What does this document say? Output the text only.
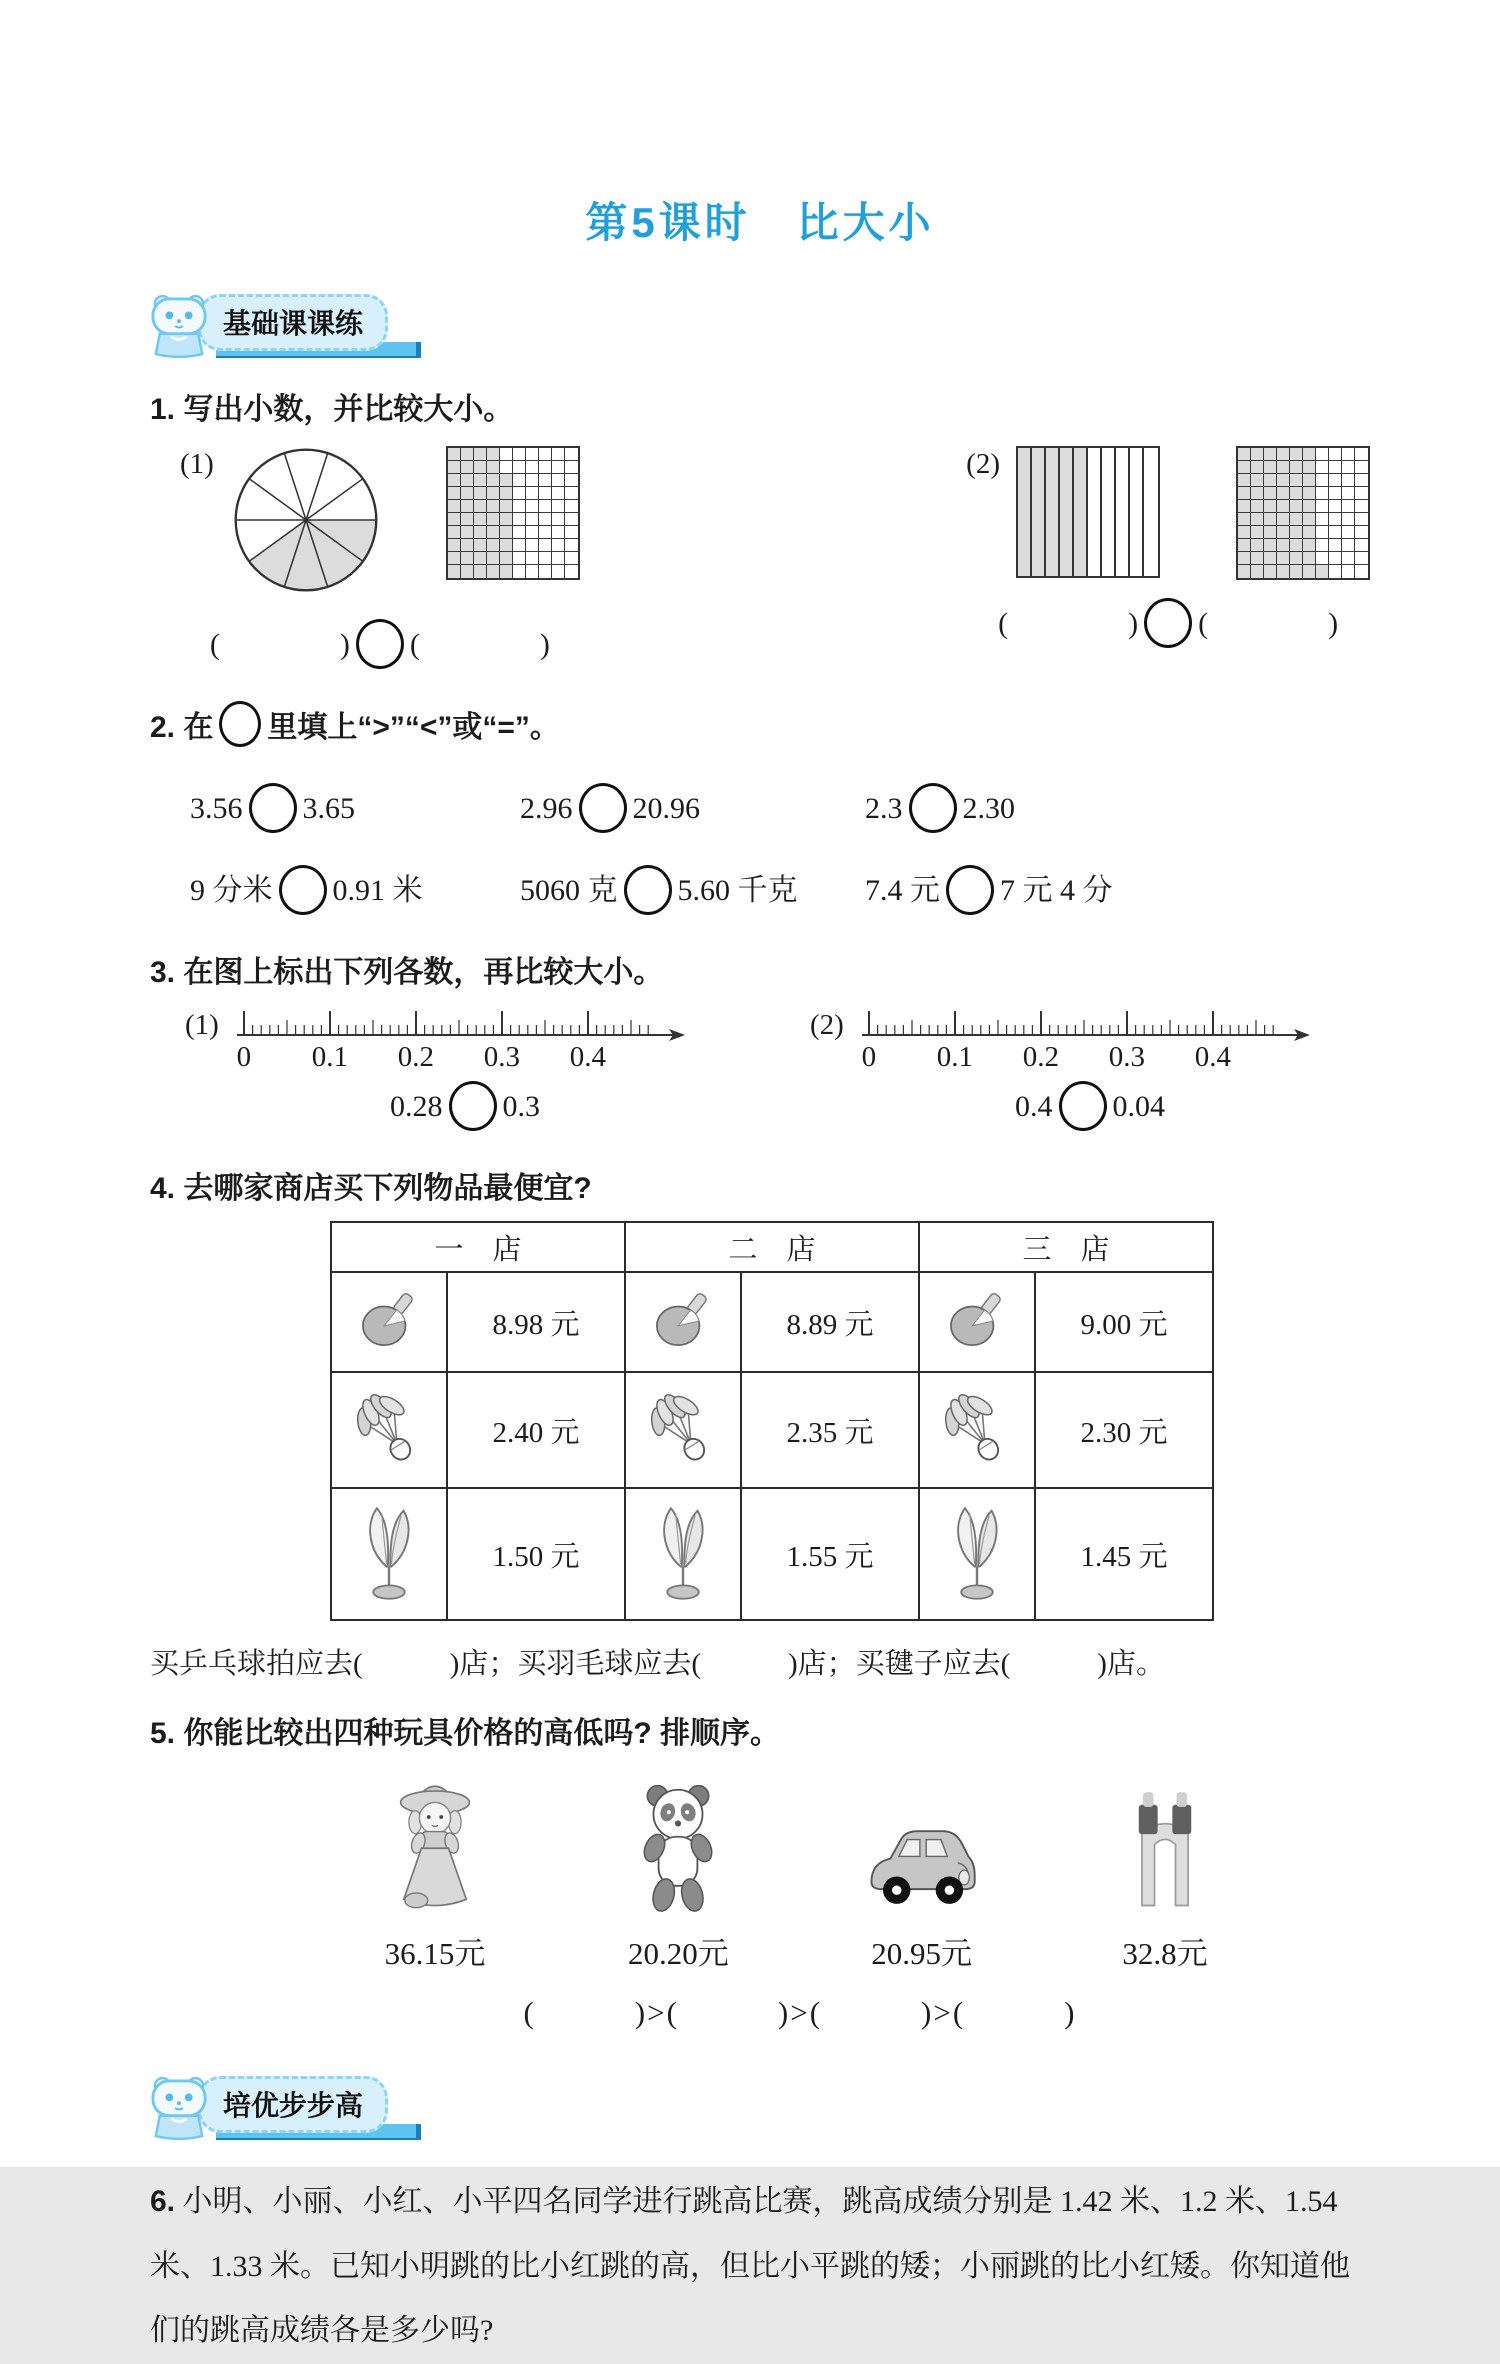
第5课时　比大小
基础课课练
1. 写出小数，并比较大小。
(1)
(　　　　) (　　　　)
(2)
(　　　　) (　　　　)
2. 在 里填上“>”“<”或“=”。
3.56 3.65	2.96 20.96	2.3 2.30
9 分米 0.91 米	5060 克 5.60 千克	7.4 元 7 元 4 分
3. 在图上标出下列各数，再比较大小。
(1)
0 0.1 0.2 0.3 0.4
0.28 0.3
(2)
0 0.1 0.2 0.3 0.4
0.4 0.04
4. 去哪家商店买下列物品最便宜?
一　店		二　店		三　店	
	8.98 元		8.89 元		9.00 元
	2.40 元		2.35 元		2.30 元
	1.50 元		1.55 元		1.45 元
买乒乓球拍应去(　　　)店；买羽毛球应去(　　　)店；买毽子应去(　　　)店。
5. 你能比较出四种玩具价格的高低吗? 排顺序。
36.15元	20.20元	20.95元	32.8元
(　　　)>(　　　)>(　　　)>(　　　)
培优步步高

6. 小明、小丽、小红、小平四名同学进行跳高比赛，跳高成绩分别是 1.42 米、1.2 米、1.54 米、1.33 米。已知小明跳的比小红跳的高，但比小平跳的矮；小丽跳的比小红矮。你知道他们的跳高成绩各是多少吗?
